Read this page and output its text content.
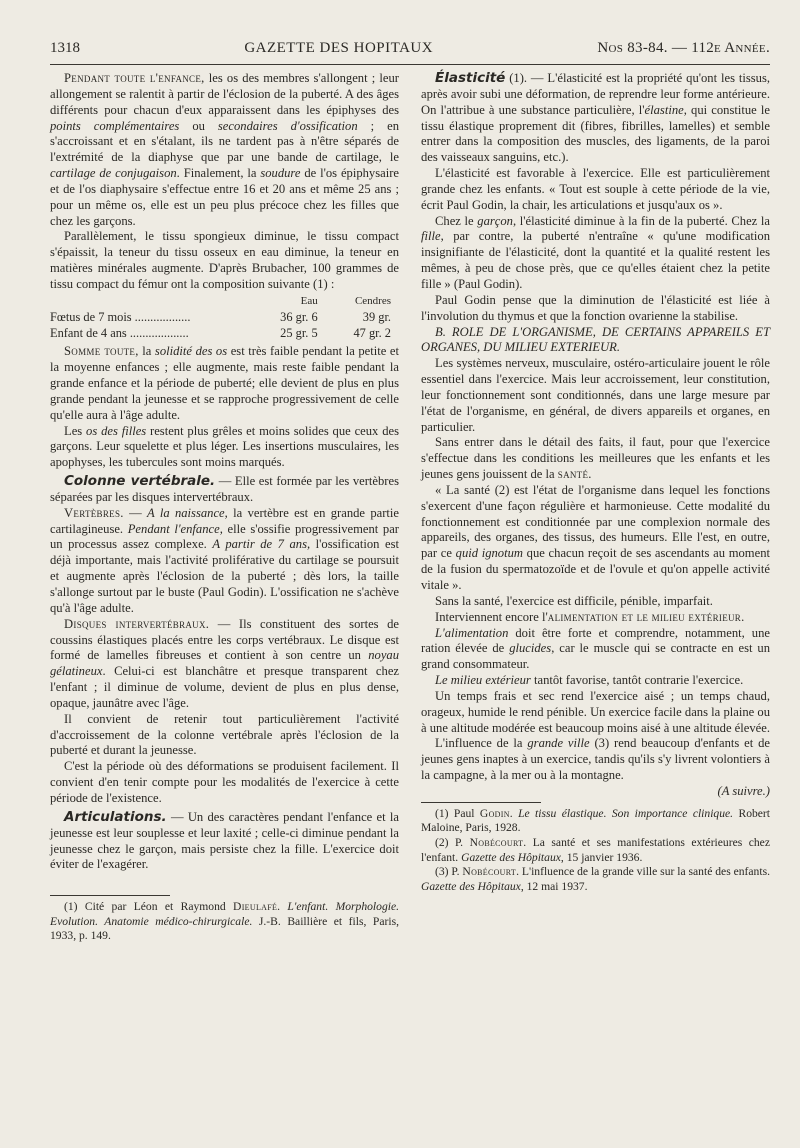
1318	GAZETTE DES HOPITAUX	Nos 83-84. — 112e Année.

Pendant toute l'enfance, les os des membres s'allongent ; leur allongement se ralentit à partir de l'éclosion de la puberté. A des âges différents pour chacun d'eux apparaissent dans les épiphyses des points complémentaires ou secondaires d'ossification ; en s'accroissant et en s'étalant, ils ne tardent pas à n'être séparés de l'extrémité de la diaphyse que par une bande de cartilage, le cartilage de conjugaison. Finalement, la soudure de l'os épiphysaire et de l'os diaphysaire s'effectue entre 16 et 20 ans et même 25 ans ; pour un même os, elle est un peu plus précoce chez les filles que chez les garçons.

Parallèlement, le tissu spongieux diminue, le tissu compact s'épaissit, la teneur du tissu osseux en eau diminue, la teneur en matières minérales augmente. D'après Brubacher, 100 grammes de tissu compact du fémur ont la composition suivante (1) :

	Eau	Cendres
Fœtus de 7 mois ..................	36 gr. 6	39 gr.
Enfant de 4 ans ...................	25 gr. 5	47 gr. 2

Somme toute, la solidité des os est très faible pendant la petite et la moyenne enfances ; elle augmente, mais reste faible pendant la grande enfance et la période de puberté; elle devient de plus en plus grande pendant la jeunesse et se rapproche progressivement de celle qu'elle aura à l'âge adulte.

Les os des filles restent plus grêles et moins solides que ceux des garçons. Leur squelette et plus léger. Les insertions musculaires, les apophyses, les tubercules sont moins marqués.

Colonne vertébrale. — Elle est formée par les vertèbres séparées par les disques intervertébraux.

Vertèbres. — A la naissance, la vertèbre est en grande partie cartilagineuse. Pendant l'enfance, elle s'ossifie progressivement par un processus assez complexe. A partir de 7 ans, l'ossification est déjà importante, mais l'activité proliférative du cartilage se poursuit et augmente après l'éclosion de la puberté ; dès lors, la taille s'allonge surtout par le buste (Paul Godin). L'ossification ne s'achève qu'à l'âge adulte.

Disques intervertébraux. — Ils constituent des sortes de coussins élastiques placés entre les corps vertébraux. Le disque est formé de lamelles fibreuses et contient à son centre un noyau gélatineux. Celui-ci est blanchâtre et presque transparent chez l'enfant ; il diminue de volume, devient de plus en plus dense, opaque, jaunâtre avec l'âge.

Il convient de retenir tout particulièrement l'activité d'accroissement de la colonne vertébrale après l'éclosion de la puberté et durant la jeunesse.

C'est la période où des déformations se produisent facilement. Il convient d'en tenir compte pour les modalités de l'exercice à cette période de l'existence.

Articulations. — Un des caractères pendant l'enfance et la jeunesse est leur souplesse et leur laxité ; celle-ci diminue pendant la jeunesse chez le garçon, mais persiste chez la fille. L'exercice doit éviter de l'exagérer.

(1) Cité par Léon et Raymond Dieulafé. L'enfant. Morphologie. Evolution. Anatomie médico-chirurgicale. J.-B. Baillière et fils, Paris, 1933, p. 149.

Élasticité (1). — L'élasticité est la propriété qu'ont les tissus, après avoir subi une déformation, de reprendre leur forme antérieure. On l'attribue à une substance particulière, l'élastine, qui constitue le tissu élastique proprement dit (fibres, fibrilles, lamelles) et semble entrer dans la composition des muscles, des ligaments, de la paroi des vaisseaux sanguins, etc.).

L'élasticité est favorable à l'exercice. Elle est particulièrement grande chez les enfants. « Tout est souple à cette période de la vie, écrit Paul Godin, la chair, les articulations et jusqu'aux os ».

Chez le garçon, l'élasticité diminue à la fin de la puberté. Chez la fille, par contre, la puberté n'entraîne « qu'une modification insignifiante de l'élasticité, dont la quantité et la qualité restent les mêmes, à peu de chose près, que ce qu'elles étaient chez la petite fille » (Paul Godin).

Paul Godin pense que la diminution de l'élasticité est liée à l'involution du thymus et que la fonction ovarienne la stabilise.

B. ROLE DE L'ORGANISME, DE CERTAINS APPAREILS ET ORGANES, DU MILIEU EXTERIEUR.

Les systèmes nerveux, musculaire, ostéro-articulaire jouent le rôle essentiel dans l'exercice. Mais leur accroissement, leur constitution, leur fonctionnement sont conditionnés, dans une large mesure par l'état de l'organisme, en général, de divers appareils et organes, en particulier.

Sans entrer dans le détail des faits, il faut, pour que l'exercice s'effectue dans les conditions les meilleures que les enfants et les jeunes gens jouissent de la santé.

« La santé (2) est l'état de l'organisme dans lequel les fonctions s'exercent d'une façon régulière et harmonieuse. Cette modalité du fonctionnement est conditionnée par une complexion normale des appareils, des organes, des tissus, des humeurs. Elle l'est, en outre, par ce quid ignotum que chacun reçoit de ses ascendants au moment de la fusion du spermatozoïde et de l'ovule et qu'on appelle activité vitale ».

Sans la santé, l'exercice est difficile, pénible, imparfait.

Interviennent encore l'alimentation et le milieu extérieur.

L'alimentation doit être forte et comprendre, notamment, une ration élevée de glucides, car le muscle qui se contracte en est un grand consommateur.

Le milieu extérieur tantôt favorise, tantôt contrarie l'exercice.

Un temps frais et sec rend l'exercice aisé ; un temps chaud, orageux, humide le rend pénible. Un exercice facile dans la plaine ou à une altitude modérée est beaucoup moins aisé à une altitude élevée.

L'influence de la grande ville (3) rend beaucoup d'enfants et de jeunes gens inaptes à un exercice, tandis qu'ils s'y livrent volontiers à la campagne, à la mer ou à la montagne.

(A suivre.)

(1) Paul Godin. Le tissu élastique. Son importance clinique. Robert Maloine, Paris, 1928.

(2) P. Nobécourt. La santé et ses manifestations extérieures chez l'enfant. Gazette des Hôpitaux, 15 janvier 1936.

(3) P. Nobécourt. L'influence de la grande ville sur la santé des enfants. Gazette des Hôpitaux, 12 mai 1937.
